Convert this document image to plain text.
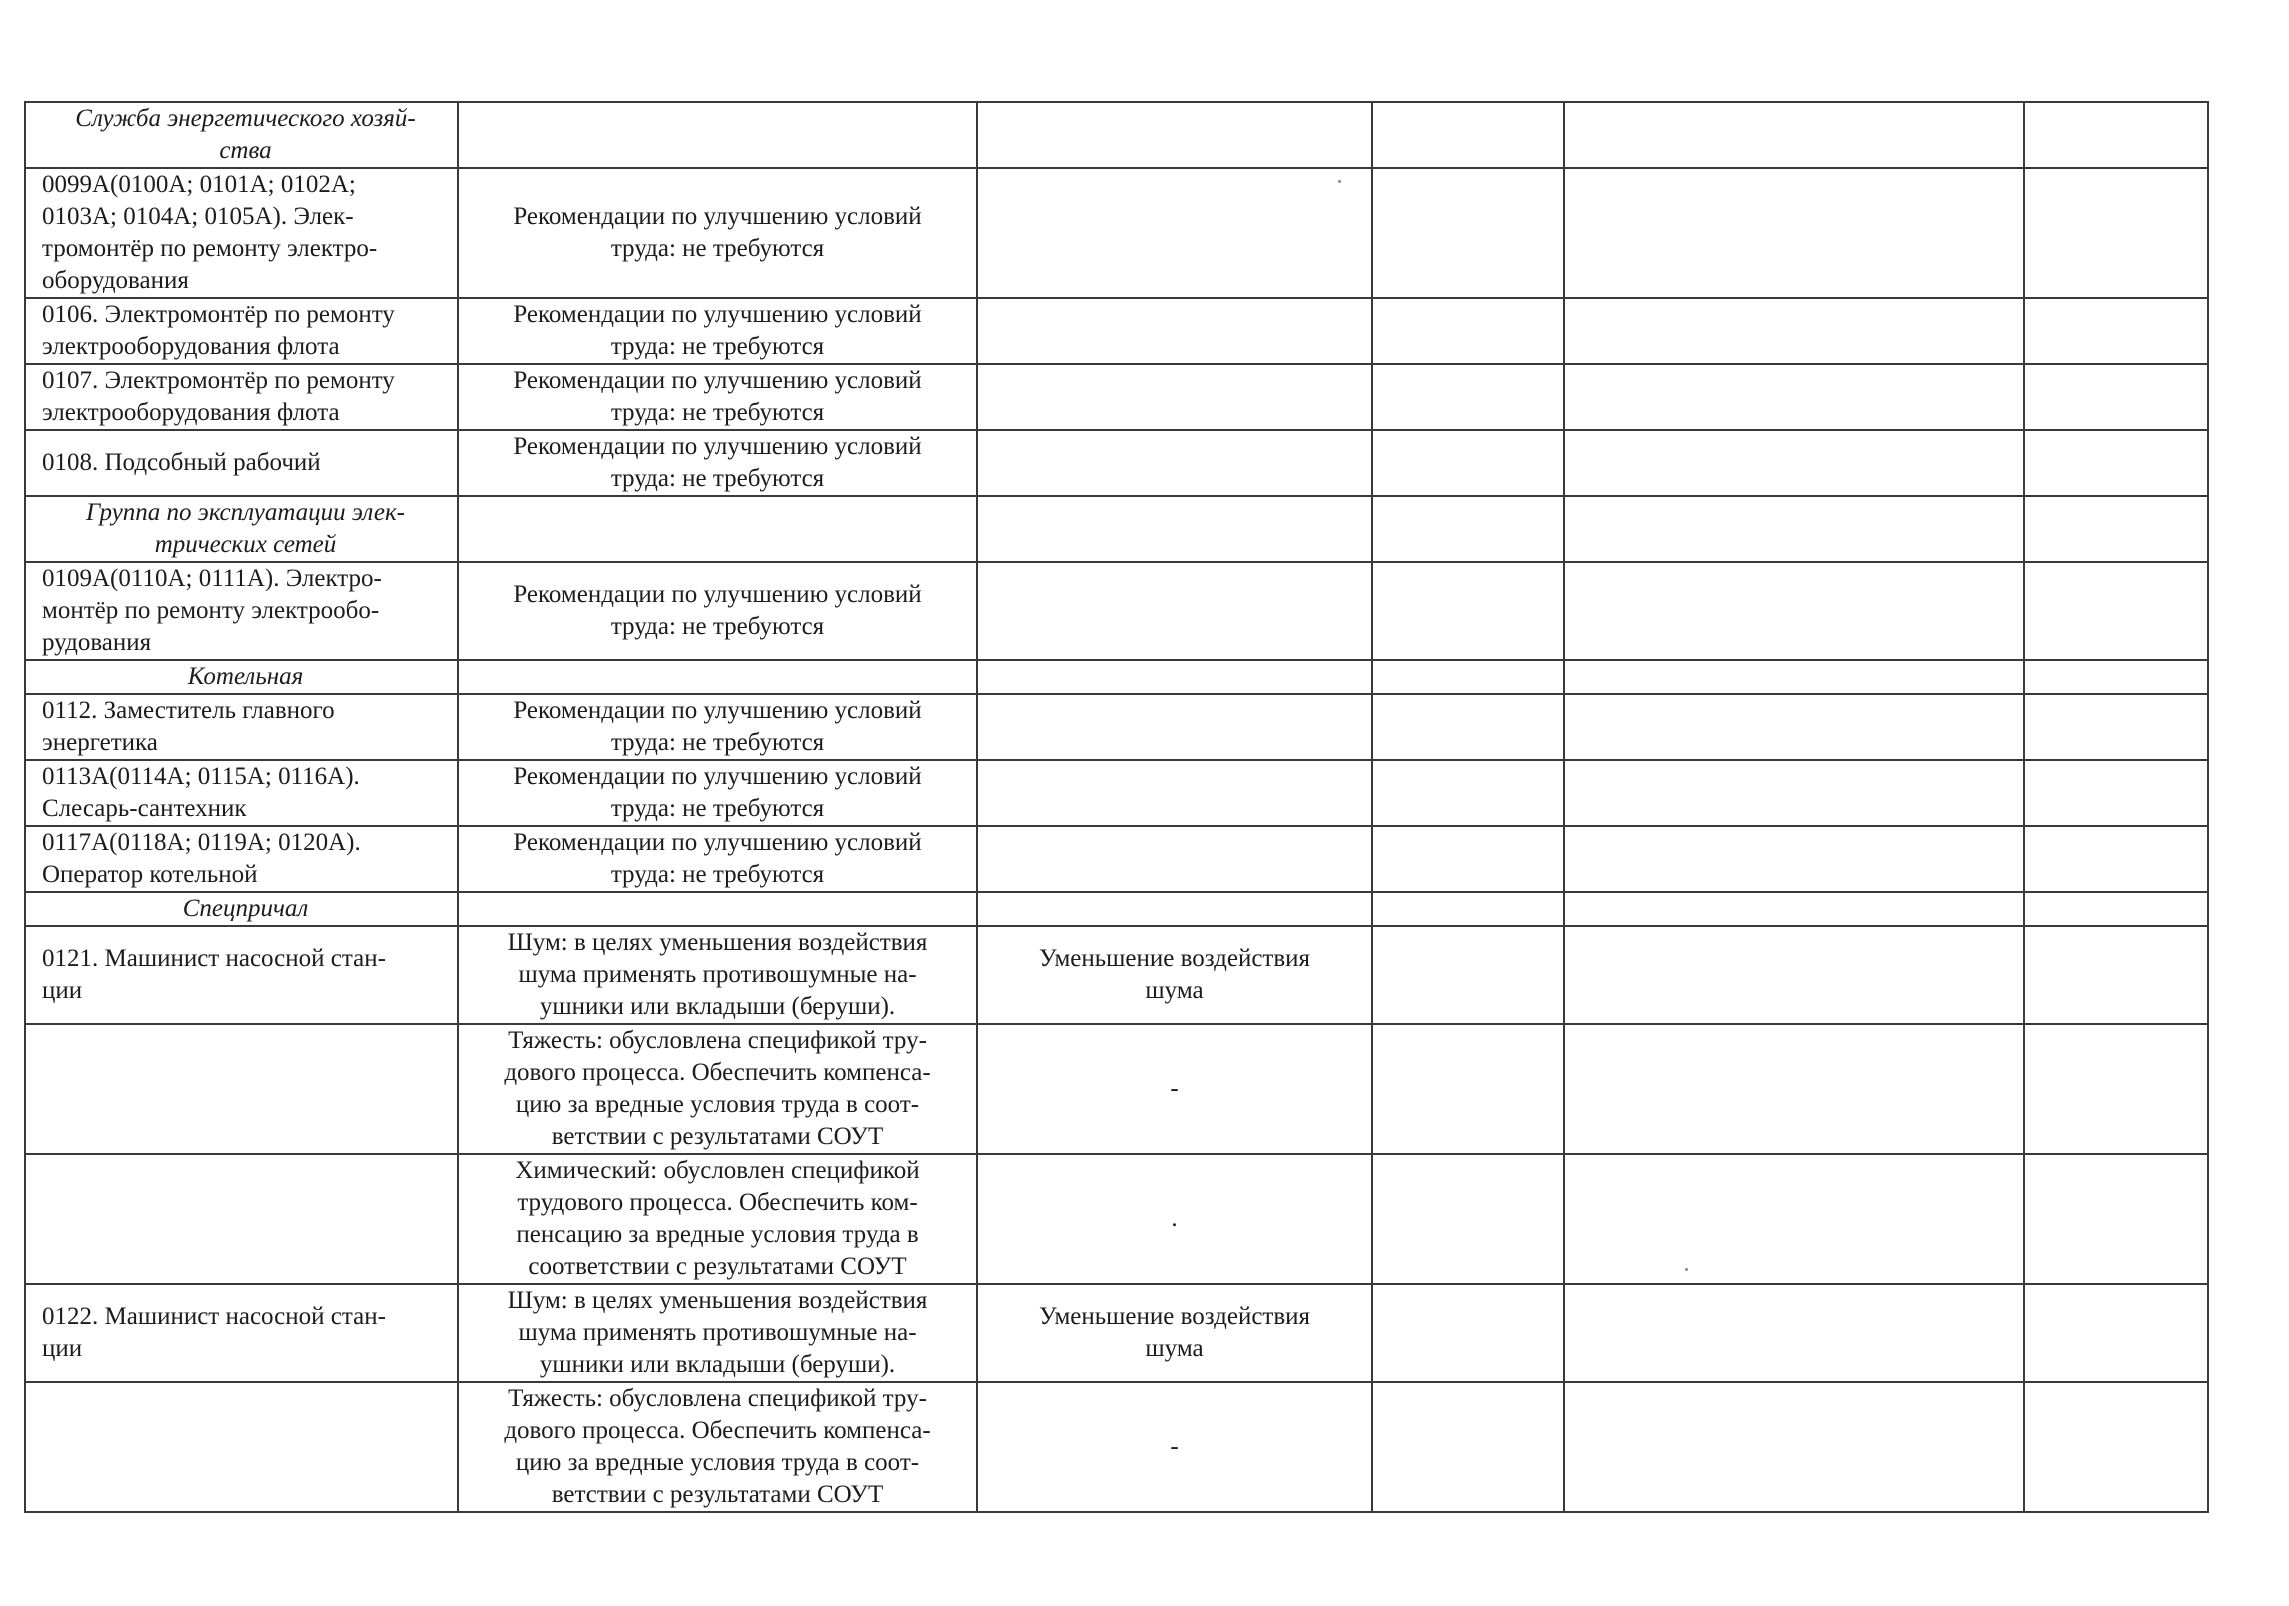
Служба энергетического хозяй-
ства					
0099А(0100А; 0101А; 0102А;
0103А; 0104А; 0105А). Элек-
тромонтёр по ремонту электро-
оборудования	Рекомендации по улучшению условий
труда: не требуются				
0106. Электромонтёр по ремонту
электрооборудования флота	Рекомендации по улучшению условий
труда: не требуются				
0107. Электромонтёр по ремонту
электрооборудования флота	Рекомендации по улучшению условий
труда: не требуются				
0108. Подсобный рабочий	Рекомендации по улучшению условий
труда: не требуются				
Группа по эксплуатации элек-
трических сетей					
0109А(0110А; 0111А). Электро-
монтёр по ремонту электрообо-
рудования	Рекомендации по улучшению условий
труда: не требуются				
Котельная					
0112. Заместитель главного
энергетика	Рекомендации по улучшению условий
труда: не требуются				
0113А(0114А; 0115А; 0116А).
Слесарь-сантехник	Рекомендации по улучшению условий
труда: не требуются				
0117А(0118А; 0119А; 0120А).
Оператор котельной	Рекомендации по улучшению условий
труда: не требуются				
Спецпричал					
0121. Машинист насосной стан-
ции	Шум: в целях уменьшения воздействия
шума применять противошумные на-
ушники или вкладыши (беруши).	Уменьшение воздействия
шума			
	Тяжесть: обусловлена спецификой тру-
дового процесса. Обеспечить компенса-
цию за вредные условия труда в соот-
ветствии с результатами СОУТ	-			
	Химический: обусловлен спецификой
трудового процесса. Обеспечить ком-
пенсацию за вредные условия труда в
соответствии с результатами СОУТ	.			
0122. Машинист насосной стан-
ции	Шум: в целях уменьшения воздействия
шума применять противошумные на-
ушники или вкладыши (беруши).	Уменьшение воздействия
шума			
	Тяжесть: обусловлена спецификой тру-
дового процесса. Обеспечить компенса-
цию за вредные условия труда в соот-
ветствии с результатами СОУТ	-			
